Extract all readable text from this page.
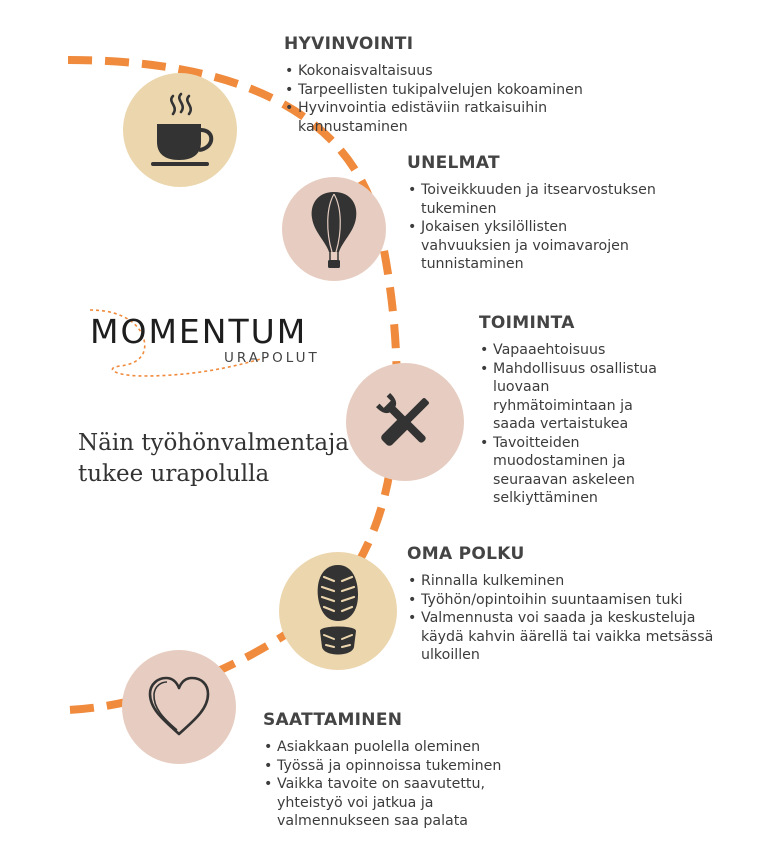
MOMENTUM
URAPOLUT
Näin työhönvalmentaja tukee urapolulla
HYVINVOINTI
• Kokonaisvaltaisuus
• Tarpeellisten tukipalvelujen kokoaminen
• Hyvinvointia edistäviin ratkaisuihin kannustaminen
UNELMAT
• Toiveikkuuden ja itsearvostuksen tukeminen
• Jokaisen yksilöllisten vahvuuksien ja voimavarojen tunnistaminen
TOIMINTA
• Vapaaehtoisuus
• Mahdollisuus osallistua luovaan ryhmätoimintaan ja saada vertaistukea
• Tavoitteiden muodostaminen ja seuraavan askeleen selkiyttäminen
OMA POLKU
• Rinnalla kulkeminen
• Työhön/opintoihin suuntaamisen tuki
• Valmennusta voi saada ja keskusteluja käydä kahvin äärellä tai vaikka metsässä ulkoillen
SAATTAMINEN
• Asiakkaan puolella oleminen
• Työssä ja opinnoissa tukeminen
• Vaikka tavoite on saavutettu, yhteistyö voi jatkua ja valmennukseen saa palata
